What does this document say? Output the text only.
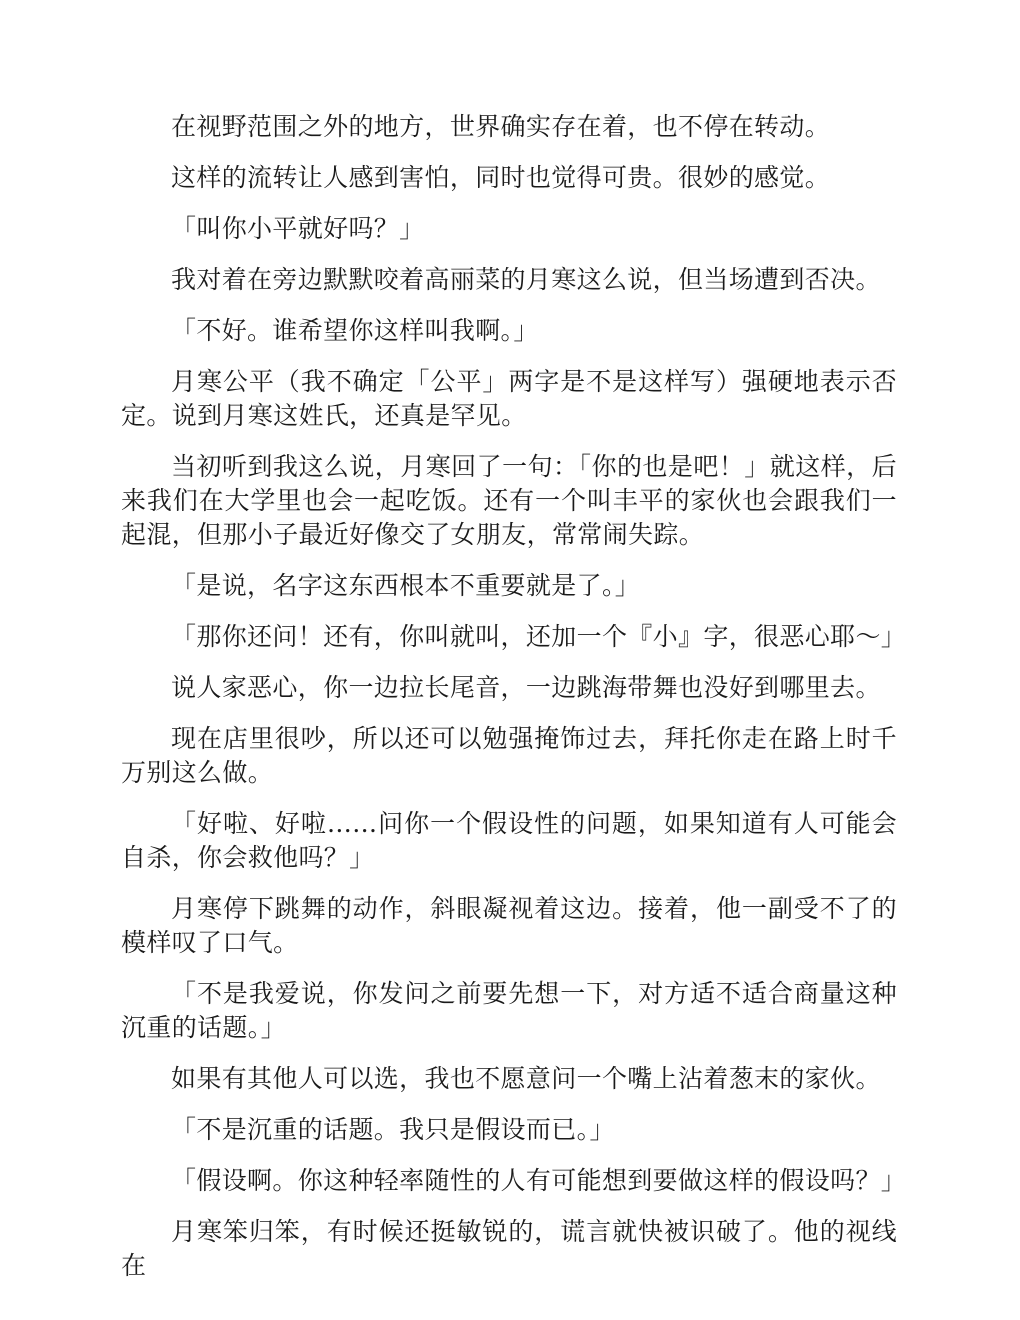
在视野范围之外的地方，世界确实存在着，也不停在转动。

这样的流转让人感到害怕，同时也觉得可贵。很妙的感觉。

「叫你小平就好吗？」

我对着在旁边默默咬着高丽菜的月寒这么说，但当场遭到否决。

「不好。谁希望你这样叫我啊。」

月寒公平（我不确定「公平」两字是不是这样写）强硬地表示否定。说到月寒这姓氏，还真是罕见。

当初听到我这么说，月寒回了一句：「你的也是吧！」就这样，后来我们在大学里也会一起吃饭。还有一个叫丰平的家伙也会跟我们一起混，但那小子最近好像交了女朋友，常常闹失踪。

「是说，名字这东西根本不重要就是了。」

「那你还问！还有，你叫就叫，还加一个『小』字，很恶心耶～」

说人家恶心，你一边拉长尾音，一边跳海带舞也没好到哪里去。

现在店里很吵，所以还可以勉强掩饰过去，拜托你走在路上时千万别这么做。

「好啦、好啦……问你一个假设性的问题，如果知道有人可能会自杀，你会救他吗？」

月寒停下跳舞的动作，斜眼凝视着这边。接着，他一副受不了的模样叹了口气。

「不是我爱说，你发问之前要先想一下，对方适不适合商量这种沉重的话题。」

如果有其他人可以选，我也不愿意问一个嘴上沾着葱末的家伙。

「不是沉重的话题。我只是假设而已。」

「假设啊。你这种轻率随性的人有可能想到要做这样的假设吗？」

月寒笨归笨，有时候还挺敏锐的，谎言就快被识破了。他的视线在
